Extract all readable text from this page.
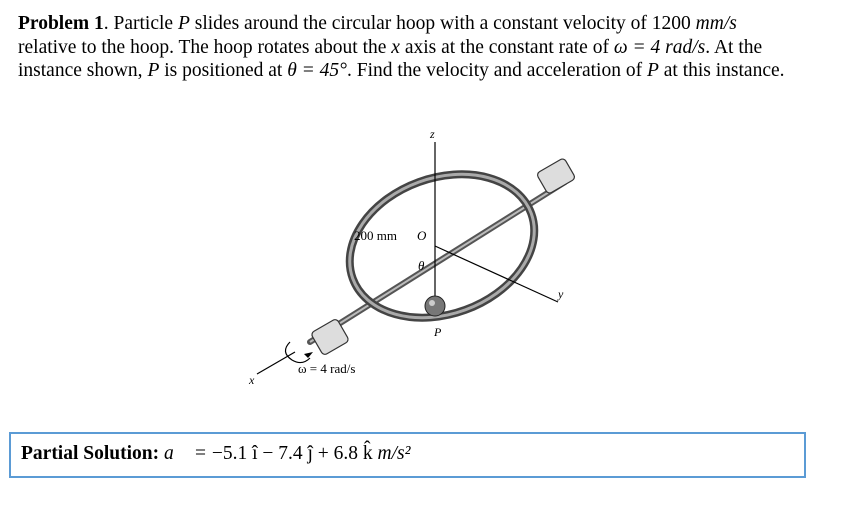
Problem 1. Particle P slides around the circular hoop with a constant velocity of 1200 mm/s
relative to the hoop. The hoop rotates about the x axis at the constant rate of ω = 4 rad/s. At the
instance shown, P is positioned at θ = 45°. Find the velocity and acceleration of P at this instance.
z
200 mm O
θ
y
P
ω = 4 rad/s
x
Partial Solution: a⃗ = −5.1 î − 7.4 ĵ + 6.8 k̂ m/s²
